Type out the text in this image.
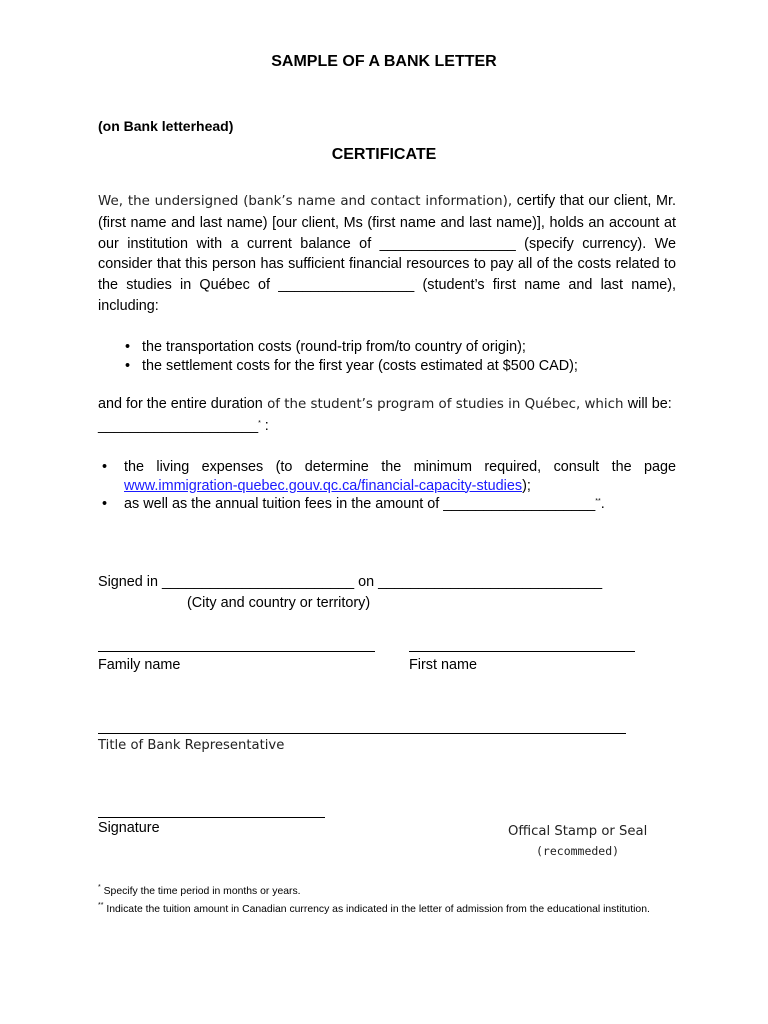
SAMPLE OF A BANK LETTER
(on Bank letterhead)
CERTIFICATE
We, the undersigned (bank’s name and contact information), certify that our client, Mr. (first name and last name) [our client, Ms (first name and last name)], holds an account at our institution with a current balance of _________________ (specify currency). We consider that this person has sufficient financial resources to pay all of the costs related to the studies in Québec of _________________ (student’s first name and last name), including:
• the transportation costs (round-trip from/to country of origin);
• the settlement costs for the first year (costs estimated at $500 CAD);
and for the entire duration of the student’s program of studies in Québec, which will be:
____________________* :
• the living expenses (to determine the minimum required, consult the page www.immigration-quebec.gouv.qc.ca/financial-capacity-studies);
• as well as the annual tuition fees in the amount of ___________________**.
Signed in ________________________ on ____________________________
(City and country or territory)
Family name	First name
Title of Bank Representative
Signature	Offical Stamp or Seal
(recommeded)
* Specify the time period in months or years.
** Indicate the tuition amount in Canadian currency as indicated in the letter of admission from the educational institution.
